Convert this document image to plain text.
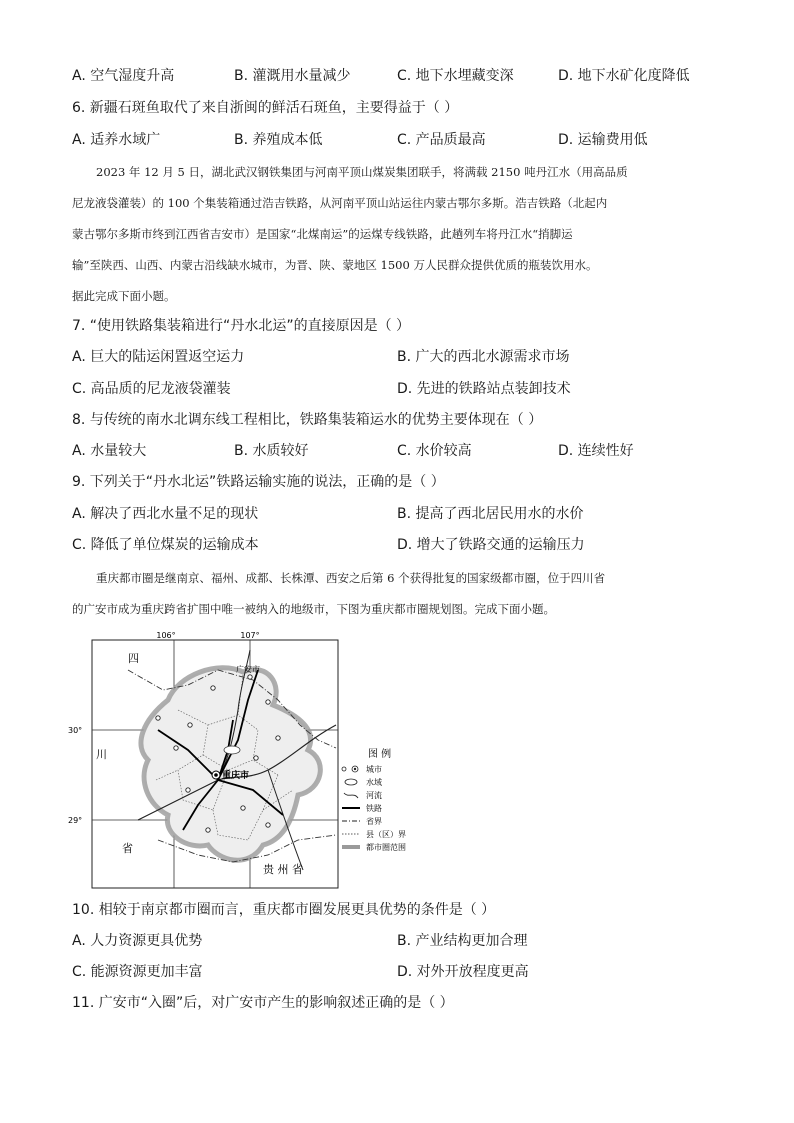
A. 空气湿度升高	B. 灌溉用水量减少	C. 地下水埋藏变深	D. 地下水矿化度降低
6. 新疆石斑鱼取代了来自浙闽的鲜活石斑鱼，主要得益于（ ）
A. 适养水域广	B. 养殖成本低	C. 产品质最高	D. 运输费用低
2023 年 12 月 5 日，湖北武汉钢铁集团与河南平顶山煤炭集团联手，将满载 2150 吨丹江水（用高品质
尼龙液袋灌装）的 100 个集装箱通过浩吉铁路，从河南平顶山站运往内蒙古鄂尔多斯。浩吉铁路（北起内
蒙古鄂尔多斯市终到江西省吉安市）是国家“北煤南运”的运煤专线铁路，此趟列车将丹江水“捎脚运
输”至陕西、山西、内蒙古沿线缺水城市，为晋、陕、蒙地区 1500 万人民群众提供优质的瓶装饮用水。
据此完成下面小题。
7. “使用铁路集装箱进行“丹水北运”的直接原因是（ ）
A. 巨大的陆运闲置返空运力	B. 广大的西北水源需求市场
C. 高品质的尼龙液袋灌装	D. 先进的铁路站点装卸技术
8. 与传统的南水北调东线工程相比，铁路集装箱运水的优势主要体现在（ ）
A. 水量较大	B. 水质较好	C. 水价较高	D. 连续性好
9. 下列关于“丹水北运”铁路运输实施的说法，正确的是（ ）
A. 解决了西北水量不足的现状	B. 提高了西北居民用水的水价
C. 降低了单位煤炭的运输成本	D. 增大了铁路交通的运输压力
重庆都市圈是继南京、福州、成都、长株潭、西安之后第 6 个获得批复的国家级都市圈，位于四川省
的广安市成为重庆跨省扩围中唯一被纳入的地级市，下图为重庆都市圈规划图。完成下面小题。
106°	107°
30°
29°
四
川
省
贵 州 省
广安市
重庆市
图 例
城市
水域
河流
铁路
省界
县（区）界
都市圈范围
10. 相较于南京都市圈而言，重庆都市圈发展更具优势的条件是（ ）
A. 人力资源更具优势	B. 产业结构更加合理
C. 能源资源更加丰富	D. 对外开放程度更高
11. 广安市“入圈”后，对广安市产生的影响叙述正确的是（ ）
